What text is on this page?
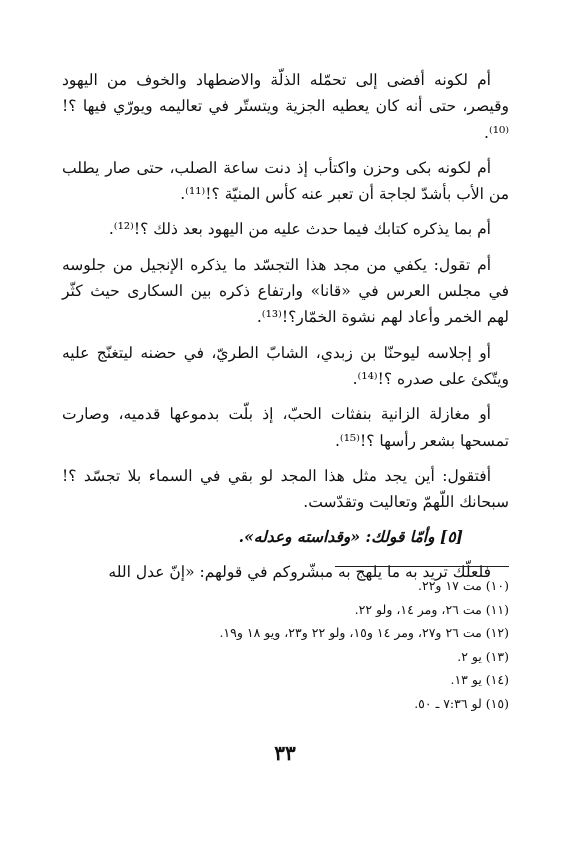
أم لكونه أفضى إلى تحمّله الذلّة والاضطهاد والخوف من اليهود وقيصر، حتى أنه كان يعطيه الجزية ويتستّر في تعاليمه ويورّي فيها ؟!⁽¹⁰⁾.

أم لكونه بكى وحزن واكتأب إذ دنت ساعة الصلب، حتى صار يطلب من الأب بأشدّ لجاجة أن تعبر عنه كأس المنيّة ؟!⁽¹¹⁾.

أم بما يذكره كتابك فيما حدث عليه من اليهود بعد ذلك ؟!⁽¹²⁾.

أم تقول: يكفي من مجد هذا التجسّد ما يذكره الإنجيل من جلوسه في مجلس العرس في «قانا» وارتفاع ذكره بين السكارى حيث كثّر لهم الخمر وأعاد لهم نشوة الخمّار؟!⁽¹³⁾.

أو إجلاسه ليوحنّا بن زبدي، الشابّ الطريّ، في حضنه ليتغنّج عليه ويتّكئ على صدره ؟!⁽¹⁴⁾.

أو مغازلة الزانية بنفثات الحبّ، إذ بلّت بدموعها قدميه، وصارت تمسحها بشعر رأسها ؟!⁽¹⁵⁾.

أفتقول: أين يجد مثل هذا المجد لو بقي في السماء بلا تجسّد ؟! سبحانك اللّهمّ وتعاليت وتقدّست.

[٥] وأمّا قولك: «وقداسته وعدله».

فلعلّك تريد به ما يلهج به مبشّروكم في قولهم: «إنّ عدل الله

(١٠) مت ١٧ و٢٢.
(١١) مت ٢٦، ومر ١٤، ولو ٢٢.
(١٢) مت ٢٦ و٢٧، ومر ١٤ و١٥، ولو ٢٢ و٢٣، ويو ١٨ و١٩.
(١٣) يو ٢.
(١٤) يو ١٣.
(١٥) لو ٧:٣٦ ـ ٥٠.
٣٣
